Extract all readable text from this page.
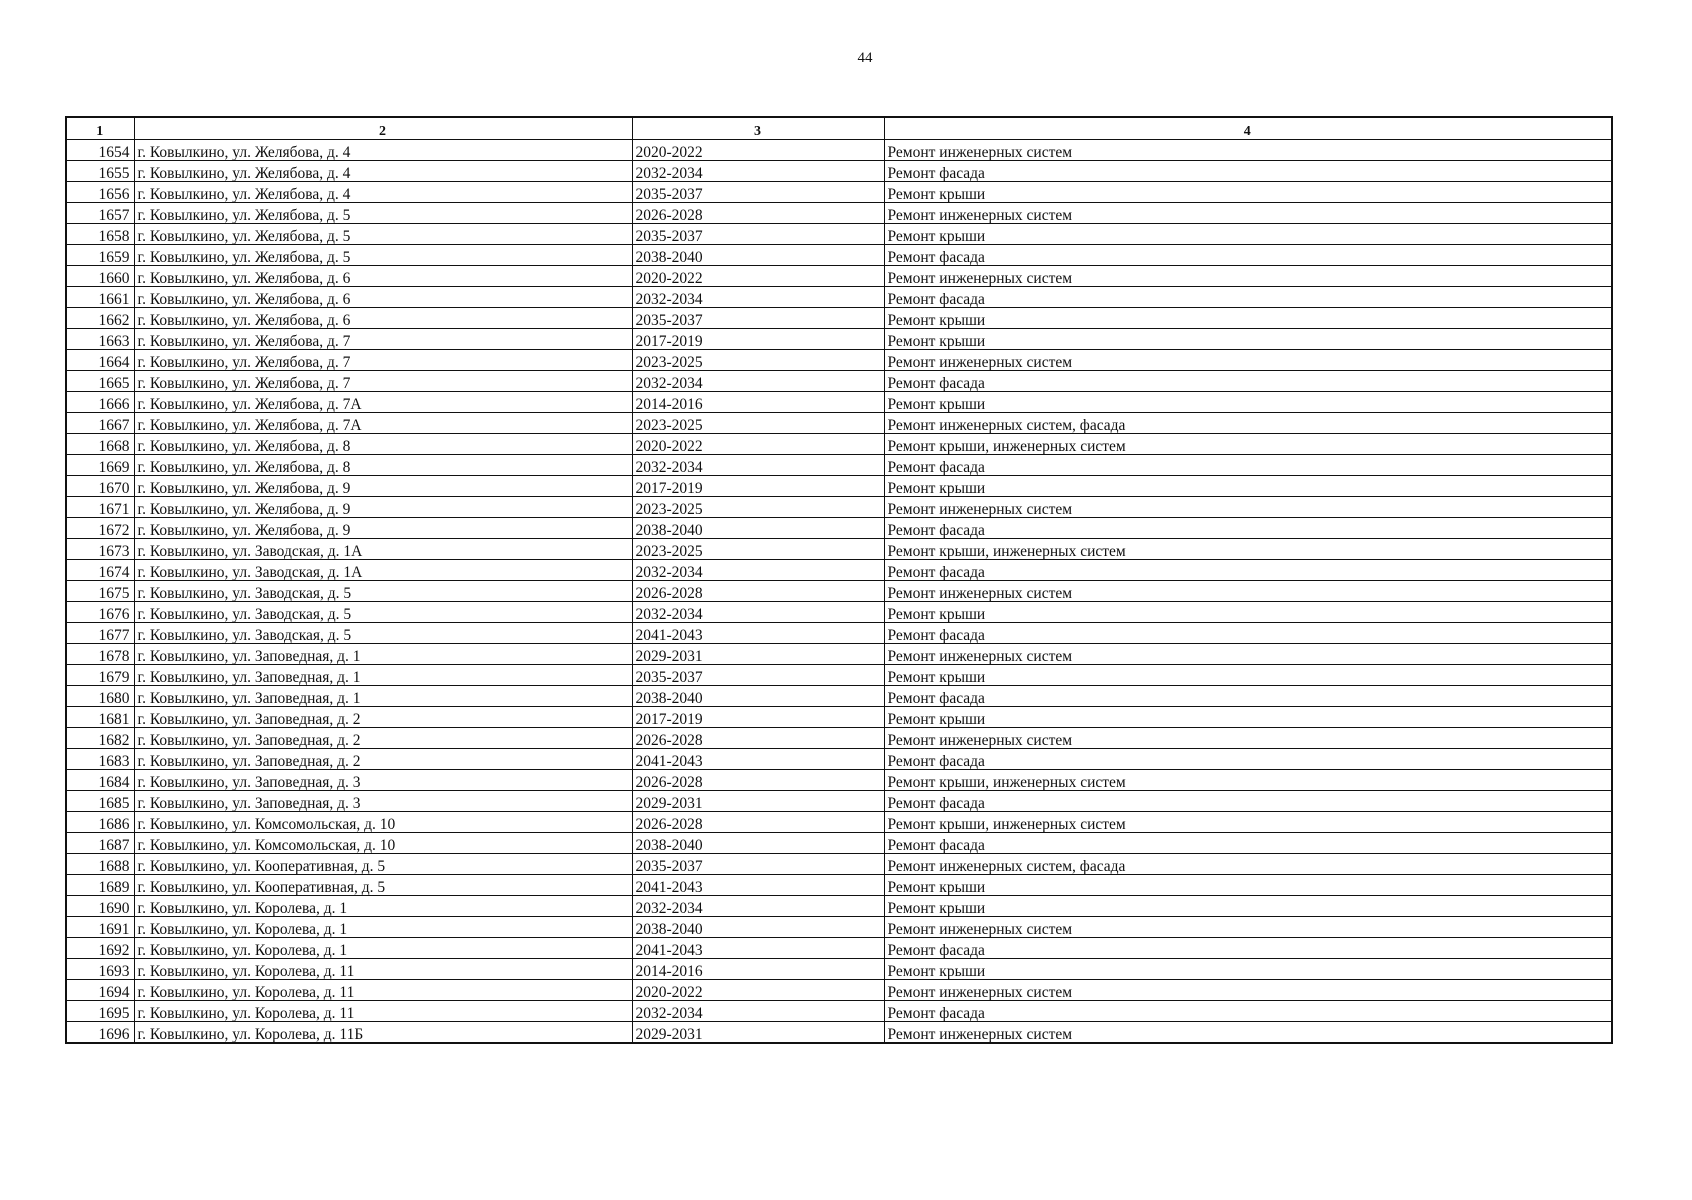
44
1	2	3	4
1654	г. Ковылкино, ул. Желябова, д. 4	2020-2022	Ремонт инженерных систем
1655	г. Ковылкино, ул. Желябова, д. 4	2032-2034	Ремонт фасада
1656	г. Ковылкино, ул. Желябова, д. 4	2035-2037	Ремонт крыши
1657	г. Ковылкино, ул. Желябова, д. 5	2026-2028	Ремонт инженерных систем
1658	г. Ковылкино, ул. Желябова, д. 5	2035-2037	Ремонт крыши
1659	г. Ковылкино, ул. Желябова, д. 5	2038-2040	Ремонт фасада
1660	г. Ковылкино, ул. Желябова, д. 6	2020-2022	Ремонт инженерных систем
1661	г. Ковылкино, ул. Желябова, д. 6	2032-2034	Ремонт фасада
1662	г. Ковылкино, ул. Желябова, д. 6	2035-2037	Ремонт крыши
1663	г. Ковылкино, ул. Желябова, д. 7	2017-2019	Ремонт крыши
1664	г. Ковылкино, ул. Желябова, д. 7	2023-2025	Ремонт инженерных систем
1665	г. Ковылкино, ул. Желябова, д. 7	2032-2034	Ремонт фасада
1666	г. Ковылкино, ул. Желябова, д. 7А	2014-2016	Ремонт крыши
1667	г. Ковылкино, ул. Желябова, д. 7А	2023-2025	Ремонт инженерных систем, фасада
1668	г. Ковылкино, ул. Желябова, д. 8	2020-2022	Ремонт крыши, инженерных систем
1669	г. Ковылкино, ул. Желябова, д. 8	2032-2034	Ремонт фасада
1670	г. Ковылкино, ул. Желябова, д. 9	2017-2019	Ремонт крыши
1671	г. Ковылкино, ул. Желябова, д. 9	2023-2025	Ремонт инженерных систем
1672	г. Ковылкино, ул. Желябова, д. 9	2038-2040	Ремонт фасада
1673	г. Ковылкино, ул. Заводская, д. 1А	2023-2025	Ремонт крыши, инженерных систем
1674	г. Ковылкино, ул. Заводская, д. 1А	2032-2034	Ремонт фасада
1675	г. Ковылкино, ул. Заводская, д. 5	2026-2028	Ремонт инженерных систем
1676	г. Ковылкино, ул. Заводская, д. 5	2032-2034	Ремонт крыши
1677	г. Ковылкино, ул. Заводская, д. 5	2041-2043	Ремонт фасада
1678	г. Ковылкино, ул. Заповедная, д. 1	2029-2031	Ремонт инженерных систем
1679	г. Ковылкино, ул. Заповедная, д. 1	2035-2037	Ремонт крыши
1680	г. Ковылкино, ул. Заповедная, д. 1	2038-2040	Ремонт фасада
1681	г. Ковылкино, ул. Заповедная, д. 2	2017-2019	Ремонт крыши
1682	г. Ковылкино, ул. Заповедная, д. 2	2026-2028	Ремонт инженерных систем
1683	г. Ковылкино, ул. Заповедная, д. 2	2041-2043	Ремонт фасада
1684	г. Ковылкино, ул. Заповедная, д. 3	2026-2028	Ремонт крыши, инженерных систем
1685	г. Ковылкино, ул. Заповедная, д. 3	2029-2031	Ремонт фасада
1686	г. Ковылкино, ул. Комсомольская, д. 10	2026-2028	Ремонт крыши, инженерных систем
1687	г. Ковылкино, ул. Комсомольская, д. 10	2038-2040	Ремонт фасада
1688	г. Ковылкино, ул. Кооперативная, д. 5	2035-2037	Ремонт инженерных систем, фасада
1689	г. Ковылкино, ул. Кооперативная, д. 5	2041-2043	Ремонт крыши
1690	г. Ковылкино, ул. Королева, д. 1	2032-2034	Ремонт крыши
1691	г. Ковылкино, ул. Королева, д. 1	2038-2040	Ремонт инженерных систем
1692	г. Ковылкино, ул. Королева, д. 1	2041-2043	Ремонт фасада
1693	г. Ковылкино, ул. Королева, д. 11	2014-2016	Ремонт крыши
1694	г. Ковылкино, ул. Королева, д. 11	2020-2022	Ремонт инженерных систем
1695	г. Ковылкино, ул. Королева, д. 11	2032-2034	Ремонт фасада
1696	г. Ковылкино, ул. Королева, д. 11Б	2029-2031	Ремонт инженерных систем
